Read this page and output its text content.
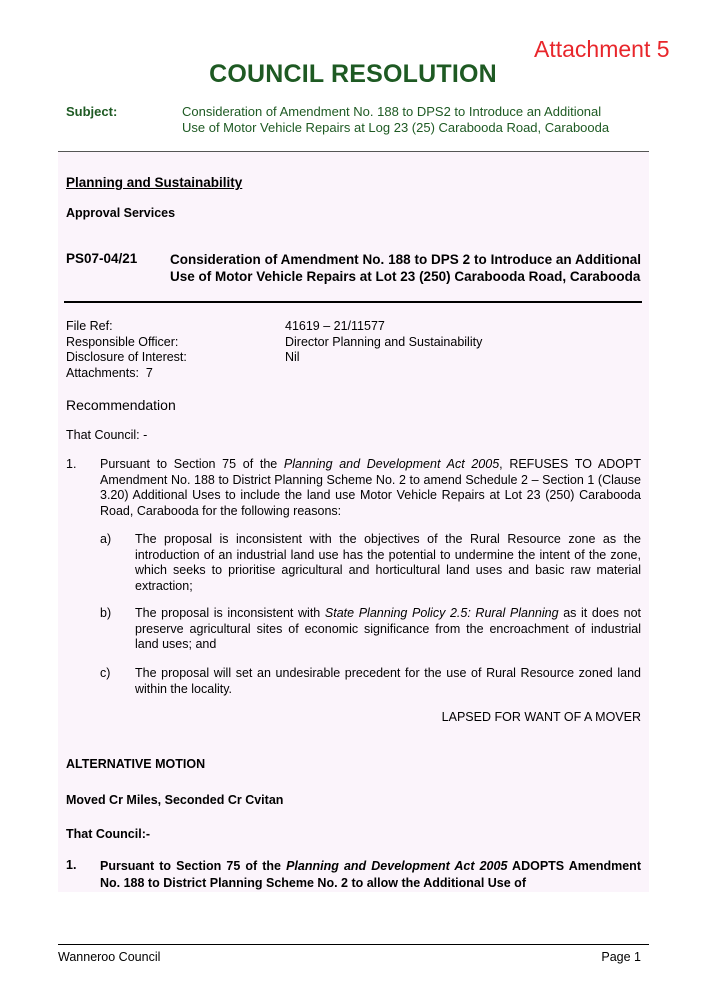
Attachment 5
COUNCIL RESOLUTION
Subject:	Consideration of Amendment No. 188 to DPS2 to Introduce an Additional
Use of Motor Vehicle Repairs at Log 23 (25) Carabooda Road, Carabooda
Planning and Sustainability
Approval Services
PS07-04/21 Consideration of Amendment No. 188 to DPS 2 to Introduce an Additional Use of Motor Vehicle Repairs at Lot 23 (250) Carabooda Road, Carabooda
File Ref:
Responsible Officer:
Disclosure of Interest:
Attachments:  7
41619 – 21/11577
Director Planning and Sustainability
Nil
Recommendation
That Council: -
1. Pursuant to Section 75 of the Planning and Development Act 2005, REFUSES TO ADOPT Amendment No. 188 to District Planning Scheme No. 2 to amend Schedule 2 – Section 1 (Clause 3.20) Additional Uses to include the land use Motor Vehicle Repairs at Lot 23 (250) Carabooda Road, Carabooda for the following reasons:
a) The proposal is inconsistent with the objectives of the Rural Resource zone as the introduction of an industrial land use has the potential to undermine the intent of the zone, which seeks to prioritise agricultural and horticultural land uses and basic raw material extraction;
b) The proposal is inconsistent with State Planning Policy 2.5: Rural Planning as it does not preserve agricultural sites of economic significance from the encroachment of industrial land uses; and
c) The proposal will set an undesirable precedent for the use of Rural Resource zoned land within the locality.
LAPSED FOR WANT OF A MOVER
ALTERNATIVE MOTION
Moved Cr Miles, Seconded Cr Cvitan
That Council:-
1. Pursuant to Section 75 of the Planning and Development Act 2005 ADOPTS Amendment No. 188 to District Planning Scheme No. 2 to allow the Additional Use of
Wanneroo Council	Page 1
